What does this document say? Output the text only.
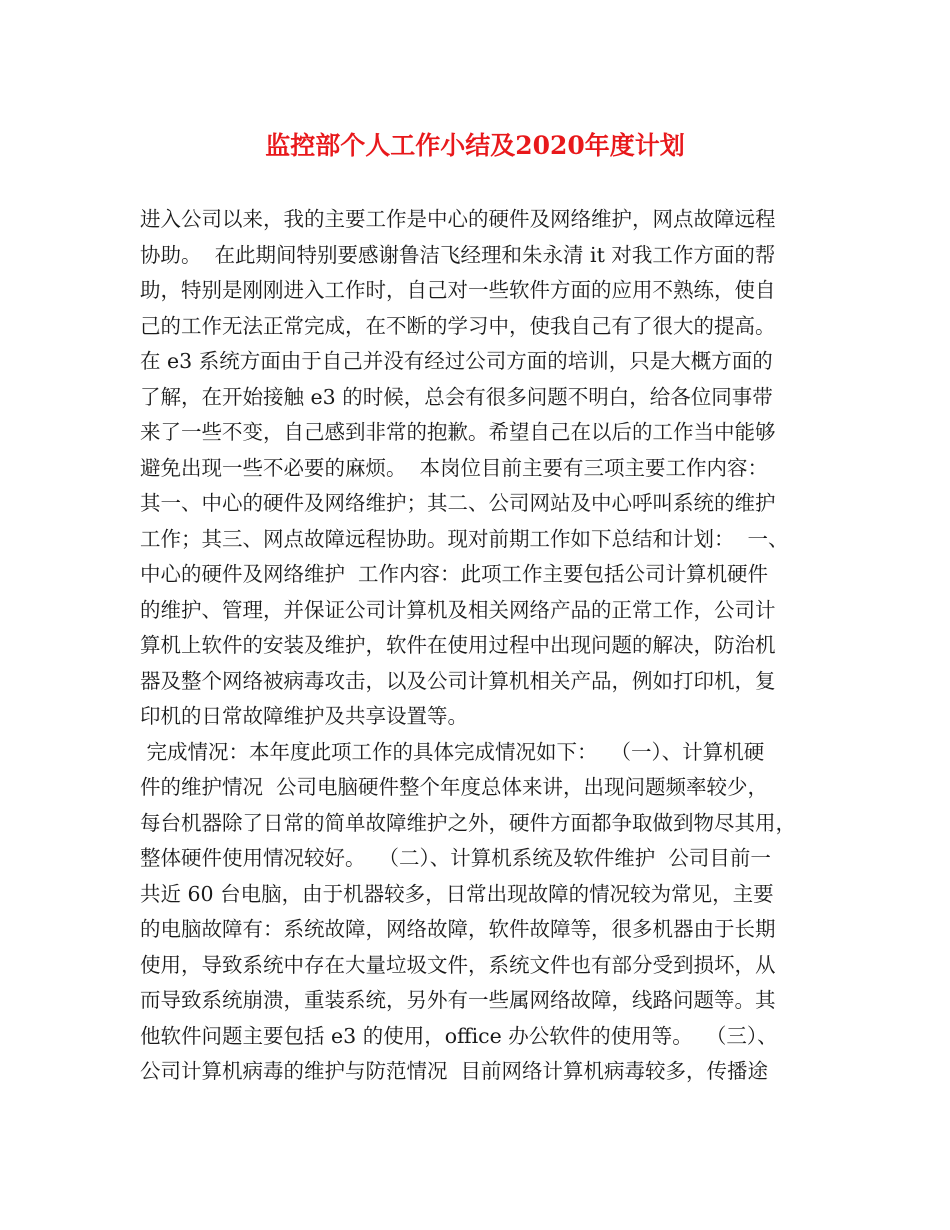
监控部个人工作小结及2020年度计划
进入公司以来，我的主要工作是中心的硬件及网络维护，网点故障远程
协助。  在此期间特别要感谢鲁洁飞经理和朱永清 it 对我工作方面的帮
助，特别是刚刚进入工作时，自己对一些软件方面的应用不熟练，使自
己的工作无法正常完成，在不断的学习中，使我自己有了很大的提高。
在 e3 系统方面由于自己并没有经过公司方面的培训，只是大概方面的
了解，在开始接触 e3 的时候，总会有很多问题不明白，给各位同事带
来了一些不变，自己感到非常的抱歉。希望自己在以后的工作当中能够
避免出现一些不必要的麻烦。  本岗位目前主要有三项主要工作内容：
其一、中心的硬件及网络维护；其二、公司网站及中心呼叫系统的维护
工作；其三、网点故障远程协助。现对前期工作如下总结和计划：  一、
中心的硬件及网络维护  工作内容：此项工作主要包括公司计算机硬件
的维护、管理，并保证公司计算机及相关网络产品的正常工作，公司计
算机上软件的安装及维护，软件在使用过程中出现问题的解决，防治机
器及整个网络被病毒攻击，以及公司计算机相关产品，例如打印机，复
印机的日常故障维护及共享设置等。
完成情况：本年度此项工作的具体完成情况如下：  （一）、计算机硬
件的维护情况  公司电脑硬件整个年度总体来讲，出现问题频率较少，
每台机器除了日常的简单故障维护之外，硬件方面都争取做到物尽其用，
整体硬件使用情况较好。  （二）、计算机系统及软件维护  公司目前一
共近 60 台电脑，由于机器较多，日常出现故障的情况较为常见，主要
的电脑故障有：系统故障，网络故障，软件故障等，很多机器由于长期
使用，导致系统中存在大量垃圾文件，系统文件也有部分受到损坏，从
而导致系统崩溃，重装系统，另外有一些属网络故障，线路问题等。其
他软件问题主要包括 e3 的使用，office 办公软件的使用等。  （三）、
公司计算机病毒的维护与防范情况  目前网络计算机病毒较多，传播途
